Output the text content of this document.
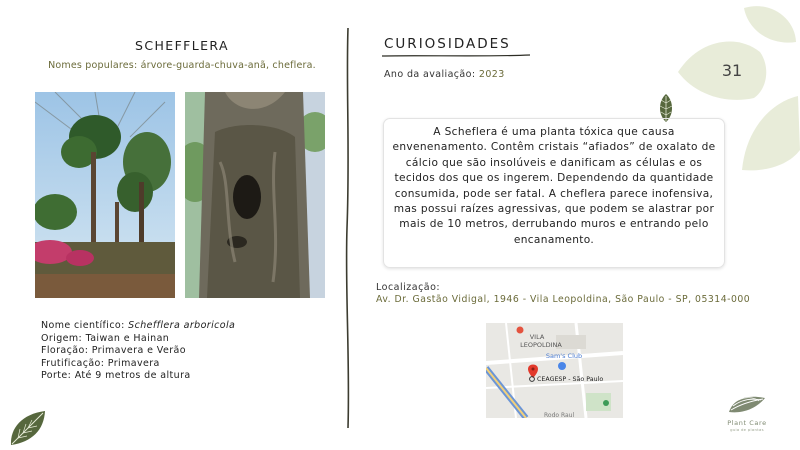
31
SCHEFFLERA
Nomes populares: árvore-guarda-chuva-anã, cheflera.
Nome científico: Schefflera arboricola
Origem: Taiwan e Hainan
Floração: Primavera e Verão
Frutificação: Primavera
Porte: Até 9 metros de altura
CURIOSIDADES
Ano da avaliação: 2023
A Scheflera é uma planta tóxica que causa envenenamento. Contêm cristais “afiados” de oxalato de cálcio que são insolúveis e danificam as células e os tecidos dos que os ingerem. Dependendo da quantidade consumida, pode ser fatal. A cheflera parece inofensiva, mas possui raízes agressivas, que podem se alastrar por mais de 10 metros, derrubando muros e entrando pelo encanamento.
Localização:
Av. Dr. Gastão Vidigal, 1946 - Vila Leopoldina, São Paulo - SP, 05314-000
VILA
LEOPOLDINA
Sam's Club
CEAGESP - São Paulo
Rodo Raul
Plant Care
guia de plantas
